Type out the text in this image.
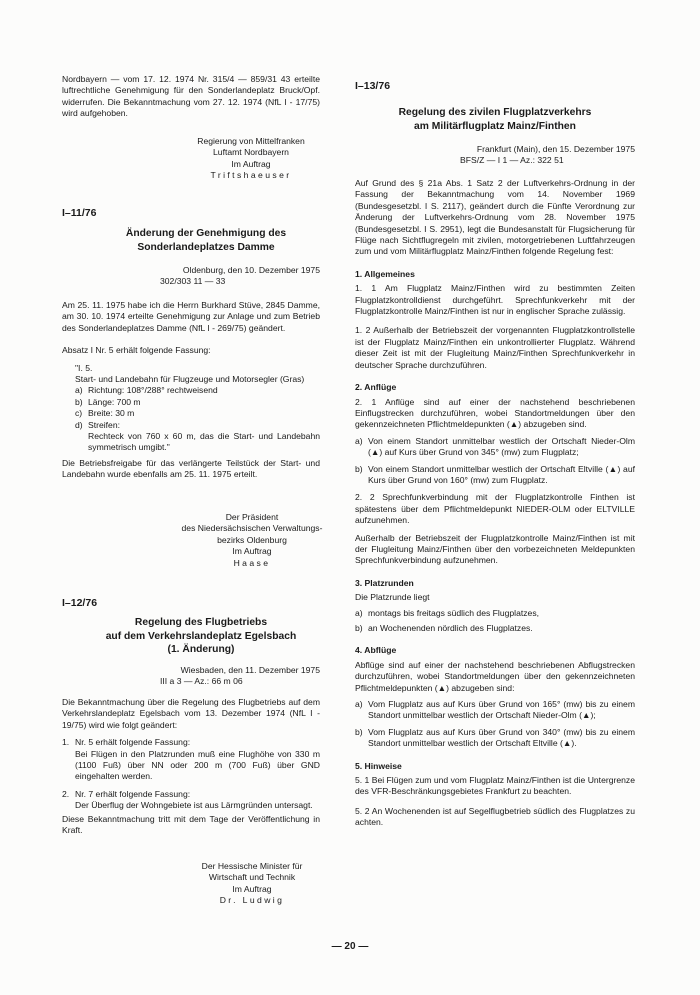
Nordbayern — vom 17. 12. 1974 Nr. 315/4 — 859/31 43 erteilte luftrechtliche Genehmigung für den Sonderlandeplatz Bruck/Opf. widerrufen. Die Bekanntmachung vom 27. 12. 1974 (NfL I - 17/75) wird aufgehoben.

Regierung von Mittelfranken
Luftamt Nordbayern
Im Auftrag
Triftshaeuser
I–11/76
Änderung der Genehmigung des
Sonderlandeplatzes Damme
Oldenburg, den 10. Dezember 1975
302/303 11 — 33

Am 25. 11. 1975 habe ich die Herrn Burkhard Stüve, 2845 Damme, am 30. 10. 1974 erteilte Genehmigung zur Anlage und zum Betrieb des Sonderlandeplatzes Damme (NfL I - 269/75) geändert.

Absatz I Nr. 5 erhält folgende Fassung:

"I. 5.
Start- und Landebahn für Flugzeuge und Motorsegler (Gras)
a) Richtung: 108°/288° rechtweisend
b) Länge: 700 m
c) Breite: 30 m
d) Streifen:

Rechteck von 760 x 60 m, das die Start- und Landebahn symmetrisch umgibt."

Die Betriebsfreigabe für das verlängerte Teilstück der Start- und Landebahn wurde ebenfalls am 25. 11. 1975 erteilt.

Der Präsident
des Niedersächsischen Verwaltungs-
bezirks Oldenburg
Im Auftrag
Haase
I–12/76
Regelung des Flugbetriebs
auf dem Verkehrslandeplatz Egelsbach
(1. Änderung)
Wiesbaden, den 11. Dezember 1975
III a 3 — Az.: 66 m 06

Die Bekanntmachung über die Regelung des Flugbetriebs auf dem Verkehrslandeplatz Egelsbach vom 13. Dezember 1974 (NfL I - 19/75) wird wie folgt geändert:

1. Nr. 5 erhält folgende Fassung:

Bei Flügen in den Platzrunden muß eine Flughöhe von 330 m (1100 Fuß) über NN oder 200 m (700 Fuß) über GND eingehalten werden.

2. Nr. 7 erhält folgende Fassung:

Der Überflug der Wohngebiete ist aus Lärmgründen untersagt.

Diese Bekanntmachung tritt mit dem Tage der Veröffentlichung in Kraft.

Der Hessische Minister für
Wirtschaft und Technik
Im Auftrag
Dr. Ludwig
I–13/76
Regelung des zivilen Flugplatzverkehrs
am Militärflugplatz Mainz/Finthen
Frankfurt (Main), den 15. Dezember 1975
BFS/Z — I 1 — Az.: 322 51

Auf Grund des § 21a Abs. 1 Satz 2 der Luftverkehrs-Ordnung in der Fassung der Bekanntmachung vom 14. November 1969 (Bundesgesetzbl. I S. 2117), geändert durch die Fünfte Verordnung zur Änderung der Luftverkehrs-Ordnung vom 28. November 1975 (Bundesgesetzbl. I S. 2951), legt die Bundesanstalt für Flugsicherung für Flüge nach Sichtflugregeln mit zivilen, motorgetriebenen Luftfahrzeugen zum und vom Militärflugplatz Mainz/Finthen folgende Regelung fest:

1. Allgemeines

1. 1 Am Flugplatz Mainz/Finthen wird zu bestimmten Zeiten Flugplatzkontrolldienst durchgeführt. Sprechfunkverkehr mit der Flugplatzkontrolle Mainz/Finthen ist nur in englischer Sprache zulässig.

1. 2 Außerhalb der Betriebszeit der vorgenannten Flugplatzkontrollstelle ist der Flugplatz Mainz/Finthen ein unkontrollierter Flugplatz. Während dieser Zeit ist mit der Flugleitung Mainz/Finthen Sprechfunkverkehr in deutscher Sprache durchzuführen.

2. Anflüge

2. 1 Anflüge sind auf einer der nachstehend beschriebenen Einflugstrecken durchzuführen, wobei Standortmeldungen über den gekennzeichneten Pflichtmeldepunkten (▲) abzugeben sind.

a) Von einem Standort unmittelbar westlich der Ortschaft Nieder-Olm (▲) auf Kurs über Grund von 345° (mw) zum Flugplatz;
b) Von einem Standort unmittelbar westlich der Ortschaft Eltville (▲) auf Kurs über Grund von 160° (mw) zum Flugplatz.

2. 2 Sprechfunkverbindung mit der Flugplatzkontrolle Finthen ist spätestens über dem Pflichtmeldepunkt NIEDER-OLM oder ELTVILLE aufzunehmen.

Außerhalb der Betriebszeit der Flugplatzkontrolle Mainz/Finthen ist mit der Flugleitung Mainz/Finthen über den vorbezeichneten Meldepunkten Sprechfunkverbindung aufzunehmen.

3. Platzrunden

Die Platzrunde liegt

a) montags bis freitags südlich des Flugplatzes,
b) an Wochenenden nördlich des Flugplatzes.
4. Abflüge

Abflüge sind auf einer der nachstehend beschriebenen Abflugstrecken durchzuführen, wobei Standortmeldungen über den gekennzeichneten Pflichtmeldepunkten (▲) abzugeben sind:

a) Vom Flugplatz aus auf Kurs über Grund von 165° (mw) bis zu einem Standort unmittelbar westlich der Ortschaft Nieder-Olm (▲);
b) Vom Flugplatz aus auf Kurs über Grund von 340° (mw) bis zu einem Standort unmittelbar westlich der Ortschaft Eltville (▲).
5. Hinweise

5. 1 Bei Flügen zum und vom Flugplatz Mainz/Finthen ist die Untergrenze des VFR-Beschränkungsgebietes Frankfurt zu beachten.

5. 2 An Wochenenden ist auf Segelflugbetrieb südlich des Flugplatzes zu achten.

— 20 —
